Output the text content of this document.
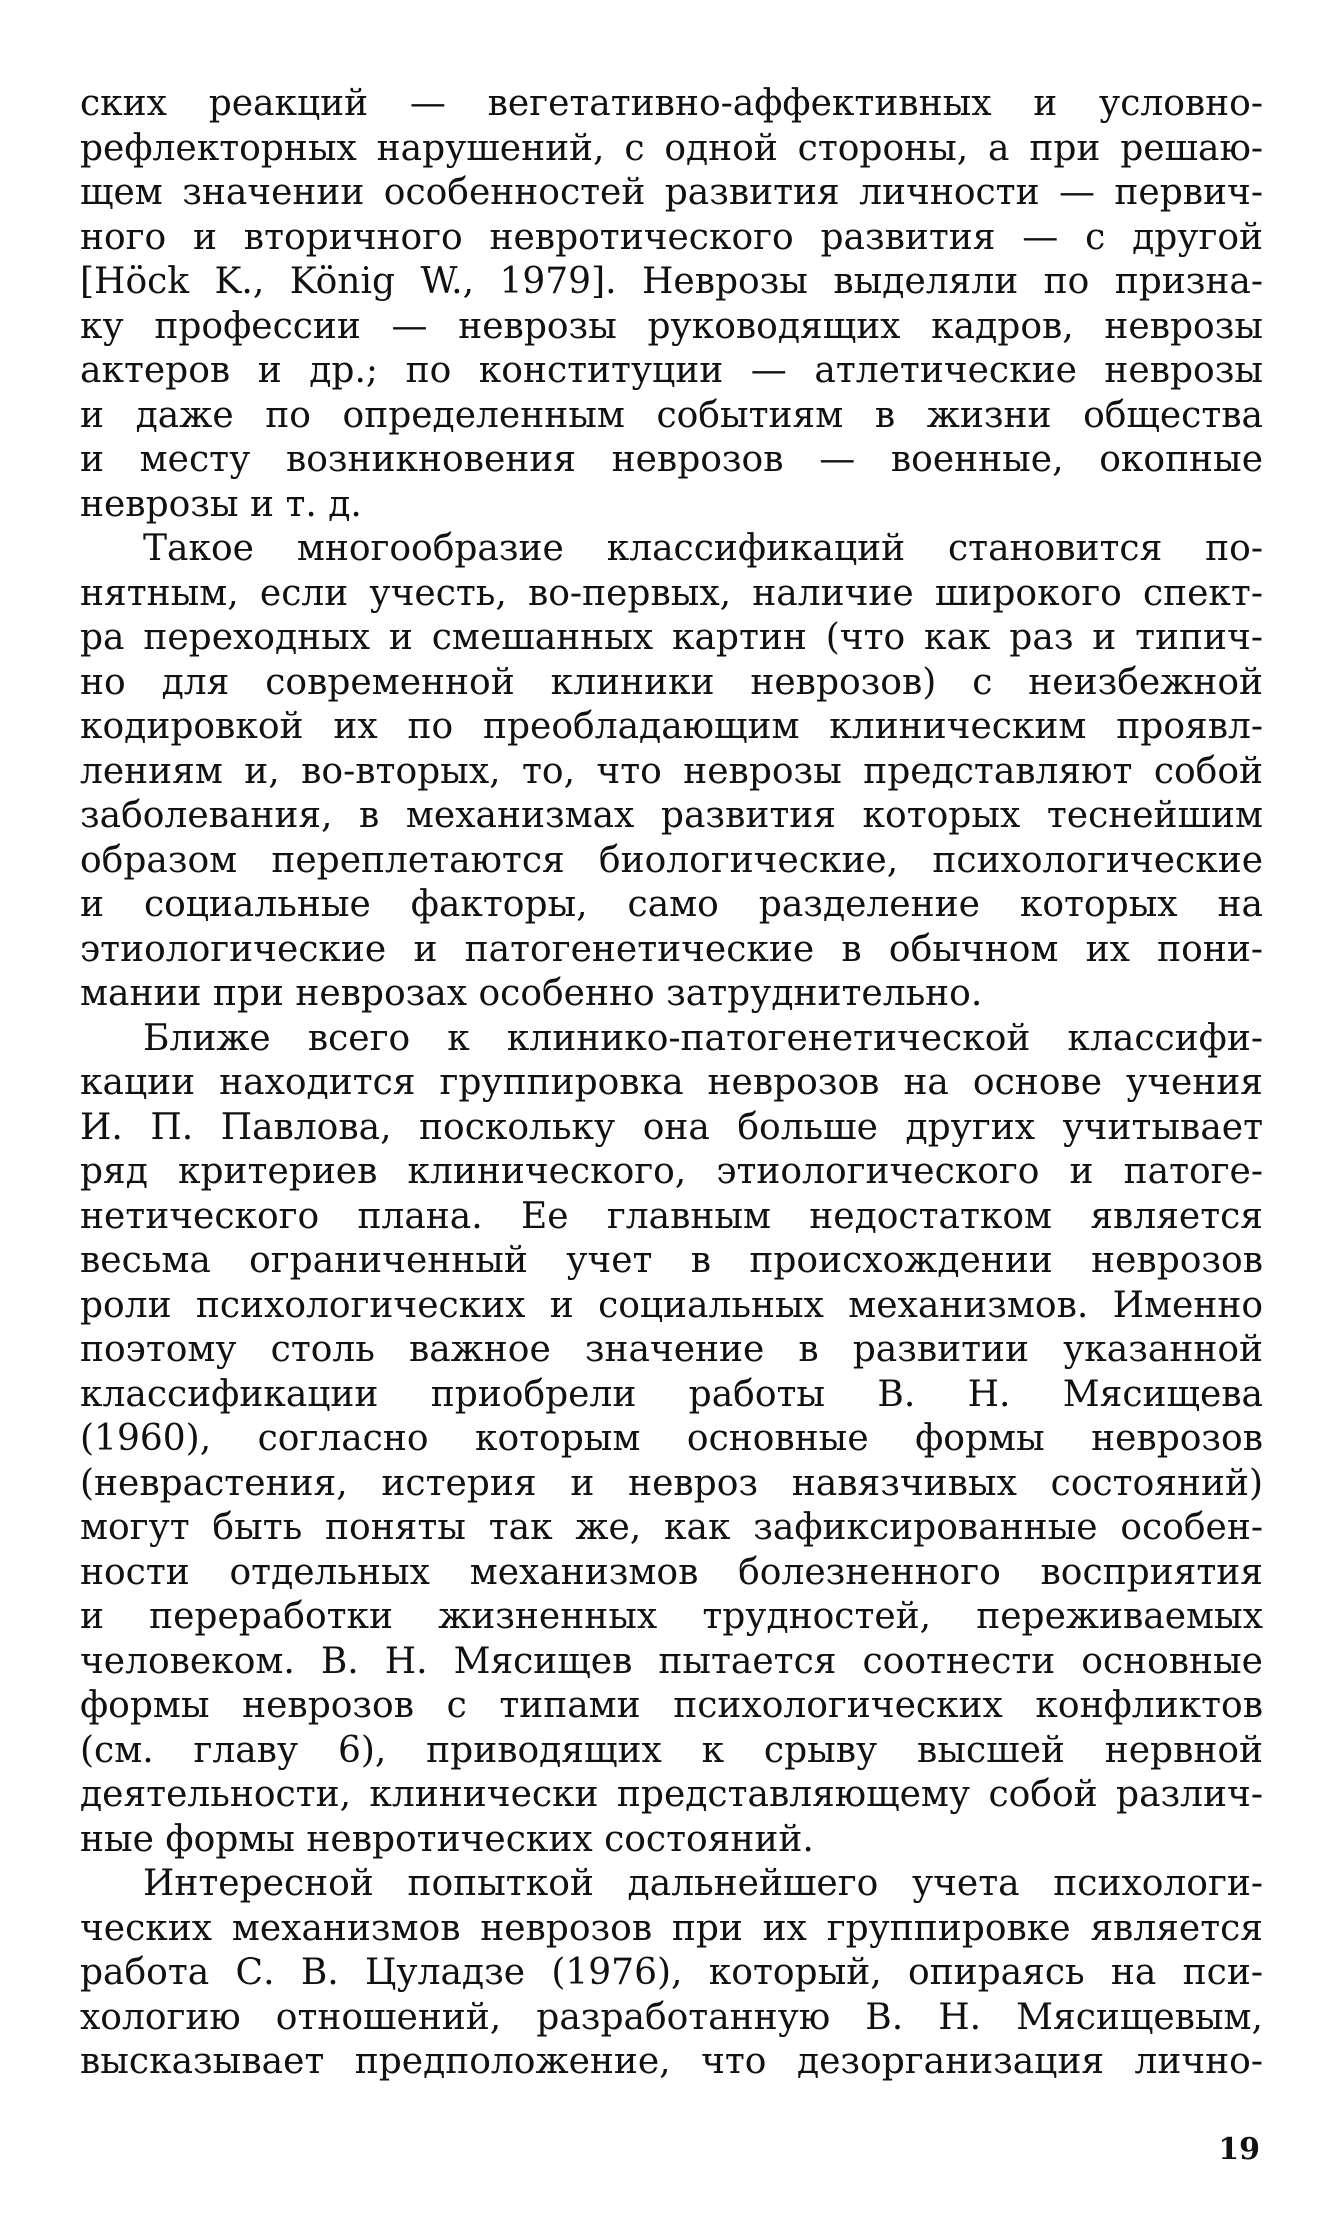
ских реакций — вегетативно-аффективных и условно-
рефлекторных нарушений, с одной стороны, а при решаю-
щем значении особенностей развития личности — первич-
ного и вторичного невротического развития — с другой
[Höck K., König W., 1979]. Неврозы выделяли по призна-
ку профессии — неврозы руководящих кадров, неврозы
актеров и др.; по конституции — атлетические неврозы
и даже по определенным событиям в жизни общества
и месту возникновения неврозов — военные, окопные
неврозы и т. д.
Такое многообразие классификаций становится по-
нятным, если учесть, во-первых, наличие широкого спект-
ра переходных и смешанных картин (что как раз и типич-
но для современной клиники неврозов) с неизбежной
кодировкой их по преобладающим клиническим проявл-
лениям и, во-вторых, то, что неврозы представляют собой
заболевания, в механизмах развития которых теснейшим
образом переплетаются биологические, психологические
и социальные факторы, само разделение которых на
этиологические и патогенетические в обычном их пони-
мании при неврозах особенно затруднительно.
Ближе всего к клинико-патогенетической классифи-
кации находится группировка неврозов на основе учения
И. П. Павлова, поскольку она больше других учитывает
ряд критериев клинического, этиологического и патоге-
нетического плана. Ее главным недостатком является
весьма ограниченный учет в происхождении неврозов
роли психологических и социальных механизмов. Именно
поэтому столь важное значение в развитии указанной
классификации приобрели работы В. Н. Мясищева
(1960), согласно которым основные формы неврозов
(неврастения, истерия и невроз навязчивых состояний)
могут быть поняты так же, как зафиксированные особен-
ности отдельных механизмов болезненного восприятия
и переработки жизненных трудностей, переживаемых
человеком. В. Н. Мясищев пытается соотнести основные
формы неврозов с типами психологических конфликтов
(см. главу 6), приводящих к срыву высшей нервной
деятельности, клинически представляющему собой различ-
ные формы невротических состояний.
Интересной попыткой дальнейшего учета психологи-
ческих механизмов неврозов при их группировке является
работа С. В. Цуладзе (1976), который, опираясь на пси-
хологию отношений, разработанную В. Н. Мясищевым,
высказывает предположение, что дезорганизация лично-
19
